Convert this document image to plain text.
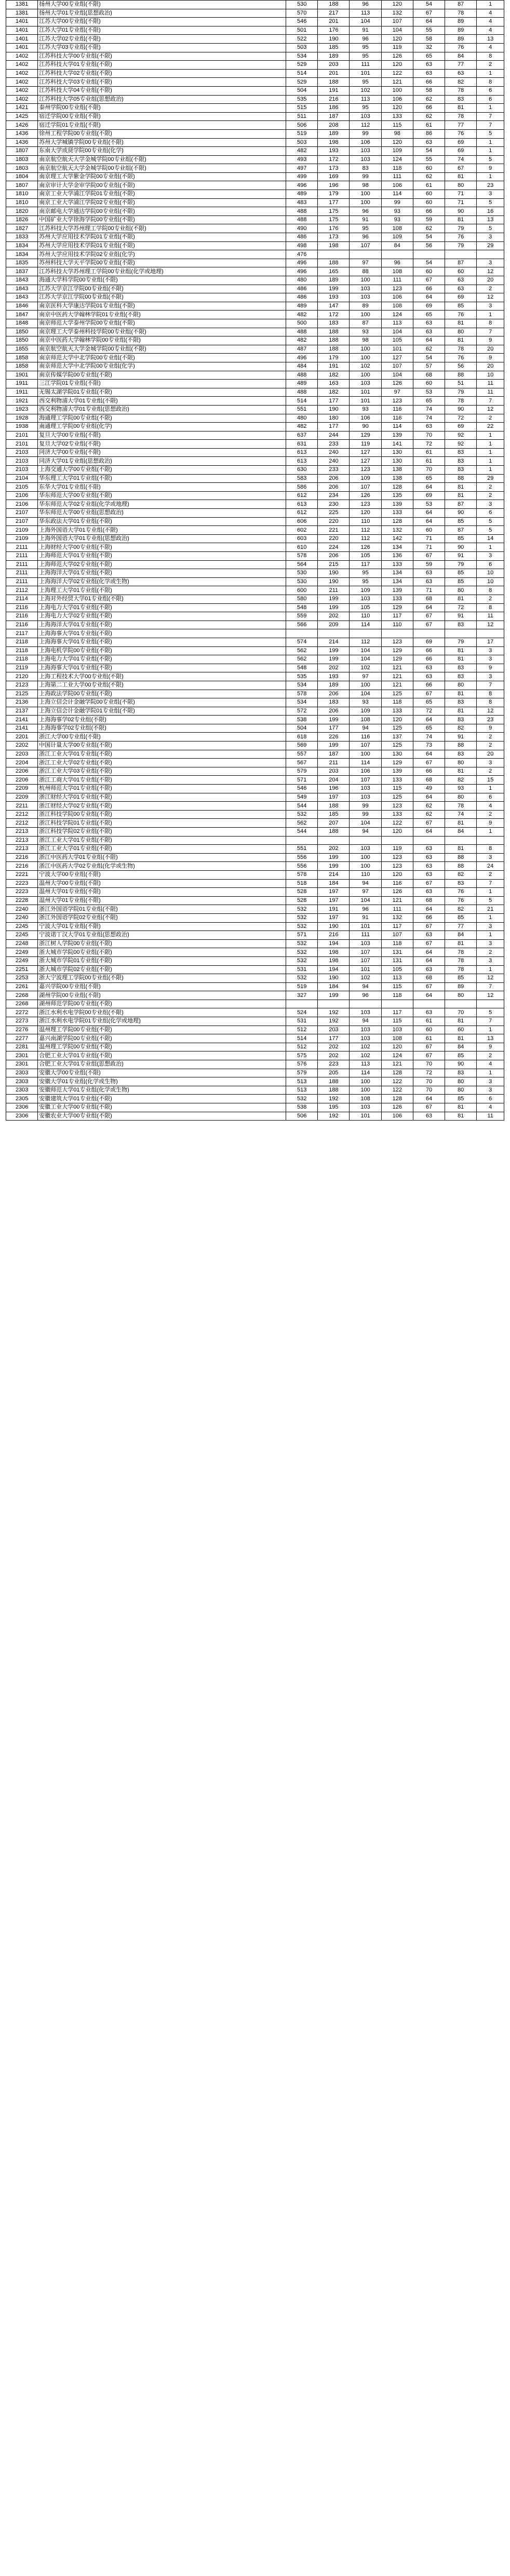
1381	扬州大学00专业组(不限)	530	188	96	120	54	87	1
1381	扬州大学01专业组(思想政治)	570	217	113	132	67	78	4
1401	江苏大学00专业组(不限)	546	201	104	107	64	89	4
1401	江苏大学01专业组(不限)	501	176	91	104	55	89	4
1401	江苏大学02专业组(不限)	522	190	96	120	58	89	13
1401	江苏大学03专业组(不限)	503	185	95	119	32	76	4
1402	江苏科技大学00专业组(不限)	534	189	95	126	65	84	8
1402	江苏科技大学01专业组(不限)	529	203	111	120	63	77	2
1402	江苏科技大学02专业组(不限)	514	201	101	122	63	63	1
1402	江苏科技大学03专业组(不限)	529	188	95	121	66	82	8
1402	江苏科技大学04专业组(不限)	504	191	102	100	58	78	6
1402	江苏科技大学05专业组(思想政治)	535	216	113	106	62	83	6
1421	泰州学院00专业组(不限)	515	186	95	120	66	81	1
1425	宿迁学院00专业组(不限)	511	187	103	133	62	78	7
1426	宿迁学院01专业组(不限)	506	208	112	115	61	77	7
1436	徐州工程学院00专业组(不限)	519	189	99	98	86	76	5
1436	苏州大学城镇学院00专业组(不限)	503	198	106	120	63	69	1
1807	东南大学成贤学院00专业组(化学)	482	193	103	109	54	69	1
1803	南京航空航天大学金城学院00专业组(不限)	493	172	103	124	55	74	5
1803	南京航空航天大学金城学院00专业组(不限)	497	173	83	118	60	67	9
1804	南京理工大学紫金学院00专业组(不限)	499	169	99	111	62	81	1
1807	南京审计大学金审学院00专业组(不限)	496	196	98	106	61	80	23
1810	南京工业大学浦江学院01专业组(不限)	489	179	100	114	60	71	3
1810	南京工业大学浦江学院02专业组(不限)	483	177	100	99	60	71	5
1820	南京邮电大学通达学院00专业组(不限)	488	175	96	93	66	90	16
1826	中国矿业大学徐海学院00专业组(不限)	488	175	91	93	59	81	13
1827	江苏科技大学苏州理工学院00专业组(不限)	490	176	95	108	62	79	5
1833	苏州大学应用技术学院01专业组(不限)	486	173	96	109	54	76	3
1834	苏州大学应用技术学院01专业组(不限)	498	198	107	84	56	79	29
1834	苏州大学应用技术学院02专业组(化学)	476						
1835	苏州科技大学天平学院00专业组(不限)	496	188	97	96	54	87	3
1837	江苏科技大学苏州理工学院00专业组(化学或地理)	496	165	88	108	60	60	12
1843	海通大学科学院00专业组(不限)	480	189	100	111	67	63	20
1843	江苏大学京江学院00专业组(不限)	486	199	103	123	66	63	2
1843	江苏大学京江学院00专业组(不限)	486	193	103	106	64	69	12
1846	南京医科大学康达学院01专业组(不限)	489	147	89	108	69	85	3
1847	南京中医药大学翰林学院01专业组(不限)	482	172	100	124	65	76	1
1848	南京师范大学泰州学院00专业组(不限)	500	183	87	113	63	81	8
1850	南京理工大学泰州科技学院00专业组(不限)	488	188	93	104	63	80	7
1850	南京中医药大学翰林学院00专业组(不限)	482	188	98	105	64	81	9
1855	南京航空航天大学金城学院00专业组(不限)	487	188	100	101	62	78	20
1858	南京师范大学中北学院00专业组(不限)	496	179	100	127	54	76	9
1858	南京师范大学中北学院00专业组(化学)	484	191	102	107	57	56	20
1901	南京传媒学院00专业组(不限)	488	182	100	104	68	88	10
1911	三江学院01专业组(不限)	489	163	103	126	60	51	11
1911	无锡太湖学院01专业组(不限)	488	182	101	97	53	79	11
1921	西交利物浦大学01专业组(不限)	514	177	101	123	65	78	7
1923	西交利物浦大学01专业组(思想政治)	551	190	93	116	74	90	12
1928	海通理工学院00专业组(不限)	480	180	106	116	74	72	2
1938	南通理工学院00专业组(化学)	482	177	90	114	63	69	22
2101	复旦大学00专业组(不限)	637	244	129	139	70	92	1
2101	复旦大学02专业组(不限)	631	233	119	141	72	92	1
2103	同济大学00专业组(不限)	613	240	127	130	61	83	1
2103	同济大学01专业组(思想政治)	613	240	127	130	61	83	1
2103	上海交通大学00专业组(不限)	630	233	123	138	70	83	1
2104	华东理工大学01专业组(不限)	583	206	109	138	65	88	29
2105	东华大学01专业组(不限)	586	206	107	128	64	81	2
2106	华东师范大学00专业组(不限)	612	234	126	135	69	81	2
2106	华东师范大学02专业组(化学或地理)	613	230	123	139	53	87	3
2107	华东师范大学00专业组(思想政治)	612	225	120	133	64	90	6
2107	华东政法大学01专业组(不限)	606	220	110	128	64	85	5
2109	上海外国语大学01专业组(不限)	602	221	112	132	60	87	5
2109	上海外国语大学01专业组(思想政治)	603	220	112	142	71	85	14
2111	上海财经大学00专业组(不限)	610	224	126	134	71	90	1
2111	上海师范大学01专业组(不限)	578	206	105	136	67	91	3
2111	上海师范大学02专业组(不限)	564	215	117	133	59	79	6
2111	上海海洋大学01专业组(不限)	530	190	95	134	63	85	10
2111	上海海洋大学02专业组(化学或生物)	530	190	95	134	63	85	10
2112	上海理工大学01专业组(不限)	600	211	109	139	71	80	8
2114	上海对外经贸大学01专业组(不限)	580	199	103	133	68	81	2
2116	上海电力大学01专业组(不限)	548	199	105	129	64	72	8
2116	上海电力大学02专业组(不限)	559	202	110	117	67	91	11
2116	上海海洋大学01专业组(不限)	566	209	114	110	67	83	12
2117	上海海事大学01专业组(不限)							
2118	上海海事大学01专业组(不限)	574	214	112	123	69	79	17
2118	上海电机学院00专业组(不限)	562	199	104	129	66	81	3
2118	上海电力大学01专业组(不限)	562	199	104	129	66	81	3
2119	上海海事大学01专业组(不限)	548	202	102	121	63	83	9
2120	上海工程技术大学00专业组(不限)	535	193	97	121	63	83	3
2123	上海第二工业大学00专业组(不限)	534	189	100	121	66	80	7
2125	上海政法学院00专业组(不限)	578	206	104	125	67	81	8
2136	上海立信会计金融学院00专业组(不限)	534	183	93	118	65	83	8
2137	上海立信会计金融学院01专业组(不限)	572	206	109	133	72	81	12
2141	上海海事学02专业组(不限)	538	199	108	120	64	83	23
2141	上海海事学02专业组(不限)	504	177	94	125	65	82	9
2201	浙江大学00专业组(不限)	618	226	116	137	74	91	2
2202	中国计量大学00专业组(不限)	569	199	107	125	73	88	2
2203	浙江工业大学01专业组(不限)	557	187	100	130	64	83	20
2204	浙江工业大学02专业组(不限)	567	211	114	129	67	80	3
2206	浙江工业大学03专业组(不限)	579	203	106	139	66	81	2
2206	浙江工商大学01专业组(不限)	571	204	107	133	68	82	15
2209	杭州师范大学01专业组(不限)	546	196	103	115	49	93	1
2209	浙江财经大学01专业组(不限)	549	197	103	125	64	80	6
2211	浙江财经大学02专业组(不限)	544	188	99	123	62	78	4
2212	浙江科技学院00专业组(不限)	532	185	99	133	62	74	2
2212	浙江科技学院01专业组(不限)	562	207	104	122	67	81	9
2213	浙江科技学院02专业组(不限)	544	188	94	120	64	84	1
2213	浙江工业大学01专业组(不限)							
2213	浙江工业大学01专业组(不限)	551	202	103	119	63	81	8
2216	浙江中医药大学01专业组(不限)	556	199	100	123	63	88	3
2216	浙江中医药大学02专业组(化学或生物)	556	199	100	123	63	88	24
2221	宁波大学00专业组(不限)	578	214	110	120	63	82	2
2223	温州大学00专业组(不限)	518	184	94	116	67	83	7
2223	温州大学01专业组(不限)	528	197	97	126	63	76	1
2228	温州大学01专业组(不限)	528	197	104	121	68	76	5
2240	浙江外国语学院01专业组(不限)	532	191	96	111	64	82	21
2240	浙江外国语学院02专业组(不限)	532	197	91	132	66	85	1
2245	宁波大学01专业组(不限)	532	190	101	117	67	77	3
2245	宁波诺丁汉大学01专业组(思想政治)	571	216	111	107	63	84	1
2248	浙江树人学院00专业组(不限)	532	194	103	118	67	81	3
2249	浙大城市学院00专业组(不限)	532	198	107	131	64	78	2
2249	浙大城市学院01专业组(不限)	532	198	107	131	64	78	3
2251	浙大城市学院02专业组(不限)	531	194	101	105	63	78	1
2253	浙大宁波理工学院00专业组(不限)	532	190	102	113	68	85	12
2261	嘉兴学院00专业组(不限)	519	184	94	115	67	89	7
2268	湖州学院00专业组(不限)	327	199	96	118	64	80	12
2268	湖州师范学院00专业组(不限)							
2272	浙江水利水电学院00专业组(不限)	524	192	103	117	63	70	5
2273	浙江水利水电学院01专业组(化学或地理)	531	192	94	115	61	81	7
2276	温州理工学院00专业组(不限)	512	203	103	103	60	60	1
2277	嘉兴南湖学院00专业组(不限)	514	177	103	108	61	81	13
2281	温州理工学院00专业组(不限)	512	202	102	120	67	84	9
2301	合肥工业大学01专业组(不限)	575	202	102	124	67	85	2
2301	合肥工业大学01专业组(思想政治)	576	223	113	121	70	90	4
2303	安徽大学00专业组(不限)	579	205	114	128	72	83	1
2303	安徽大学01专业组(化学或生物)	513	188	100	122	70	80	3
2303	安徽师范大学01专业组(化学或生物)	513	188	100	122	70	80	3
2305	安徽建筑大学01专业组(不限)	532	192	108	128	64	85	6
2306	安徽工业大学00专业组(不限)	538	195	103	126	67	81	4
2306	安徽农业大学00专业组(不限)	506	192	101	106	63	81	11
